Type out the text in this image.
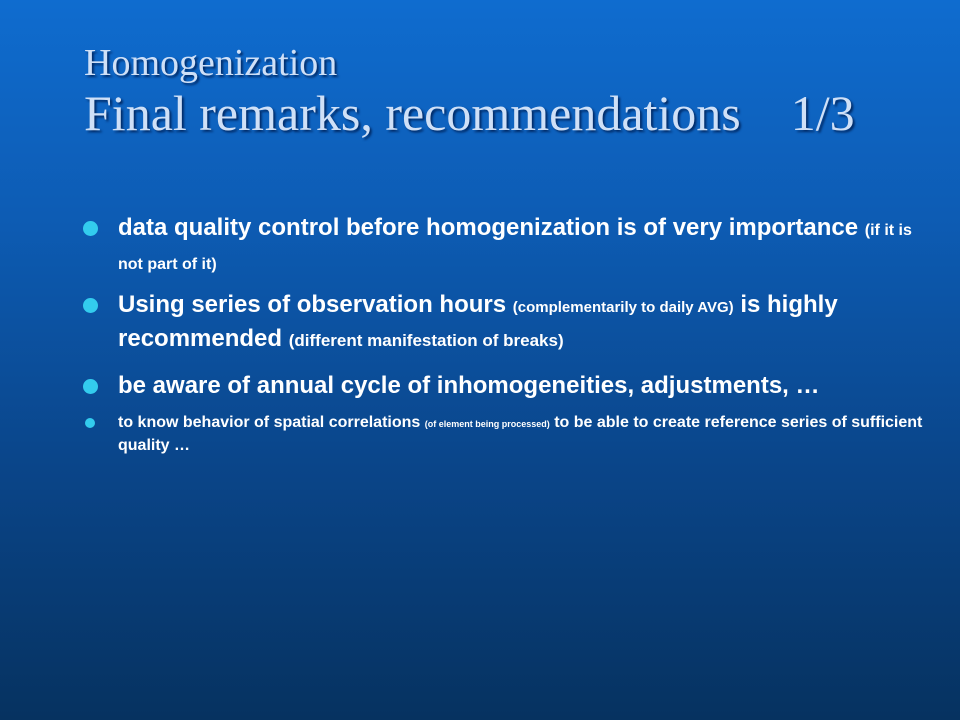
Homogenization
Final remarks, recommendations    1/3
data quality control before homogenization is of very importance (if it is not part of it)
Using series of observation hours (complementarily to daily AVG) is highly recommended (different manifestation of breaks)
be aware of annual cycle of inhomogeneities, adjustments, …
to know behavior of spatial correlations (of element being processed) to be able to create reference series of sufficient quality …
